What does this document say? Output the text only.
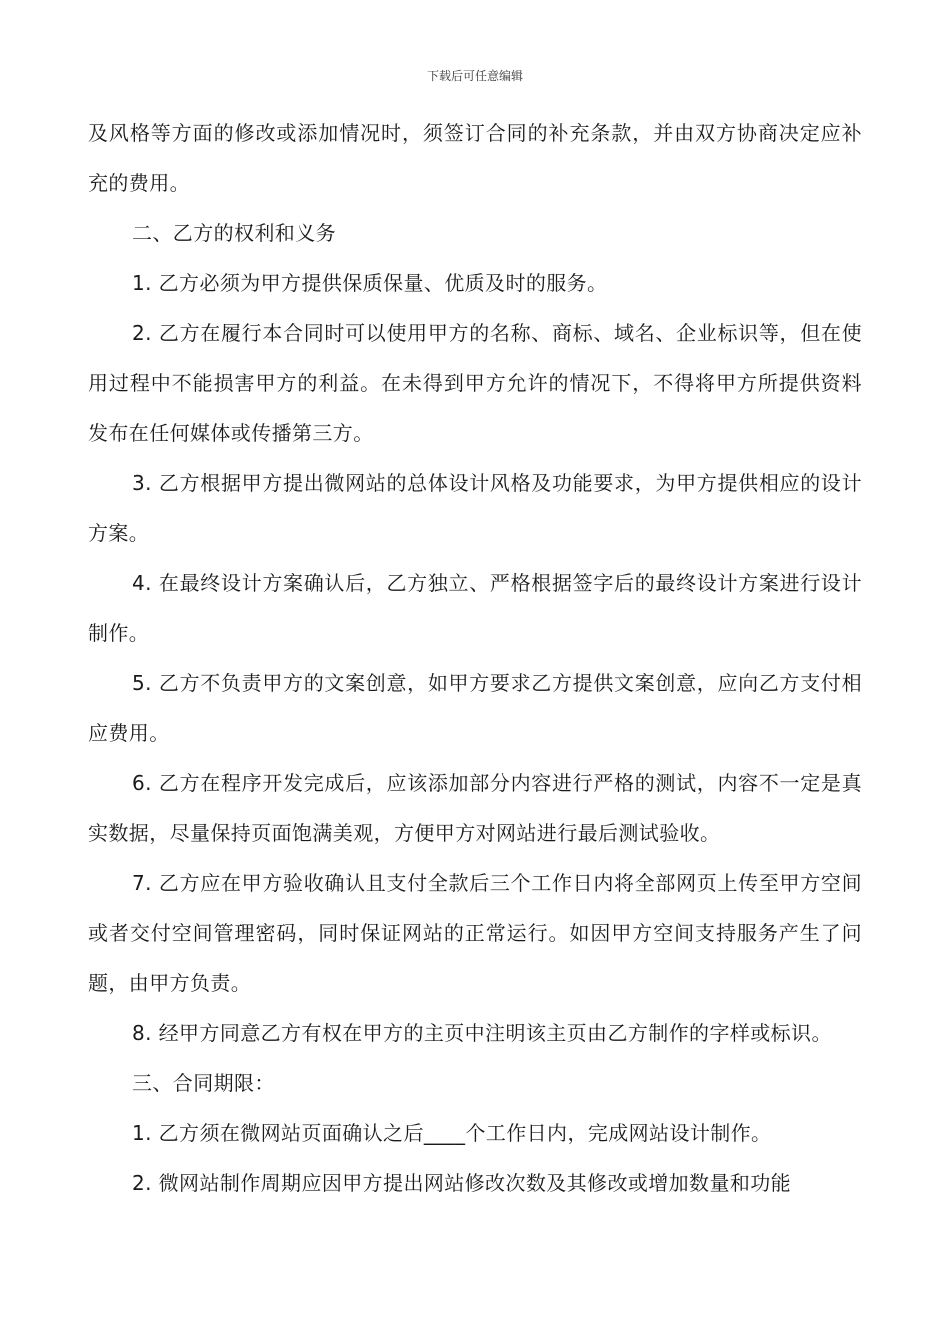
下载后可任意编辑

及风格等方面的修改或添加情况时，须签订合同的补充条款，并由双方协商决定应补充的费用。

二、乙方的权利和义务

1. 乙方必须为甲方提供保质保量、优质及时的服务。

2. 乙方在履行本合同时可以使用甲方的名称、商标、域名、企业标识等，但在使用过程中不能损害甲方的利益。在未得到甲方允许的情况下，不得将甲方所提供资料发布在任何媒体或传播第三方。

3. 乙方根据甲方提出微网站的总体设计风格及功能要求，为甲方提供相应的设计方案。

4. 在最终设计方案确认后，乙方独立、严格根据签字后的最终设计方案进行设计制作。

5. 乙方不负责甲方的文案创意，如甲方要求乙方提供文案创意，应向乙方支付相应费用。

6. 乙方在程序开发完成后，应该添加部分内容进行严格的测试，内容不一定是真实数据，尽量保持页面饱满美观，方便甲方对网站进行最后测试验收。

7. 乙方应在甲方验收确认且支付全款后三个工作日内将全部网页上传至甲方空间或者交付空间管理密码，同时保证网站的正常运行。如因甲方空间支持服务产生了问题，由甲方负责。

8. 经甲方同意乙方有权在甲方的主页中注明该主页由乙方制作的字样或标识。

三、合同期限：

1. 乙方须在微网站页面确认之后____个工作日内，完成网站设计制作。

2. 微网站制作周期应因甲方提出网站修改次数及其修改或增加数量和功能
